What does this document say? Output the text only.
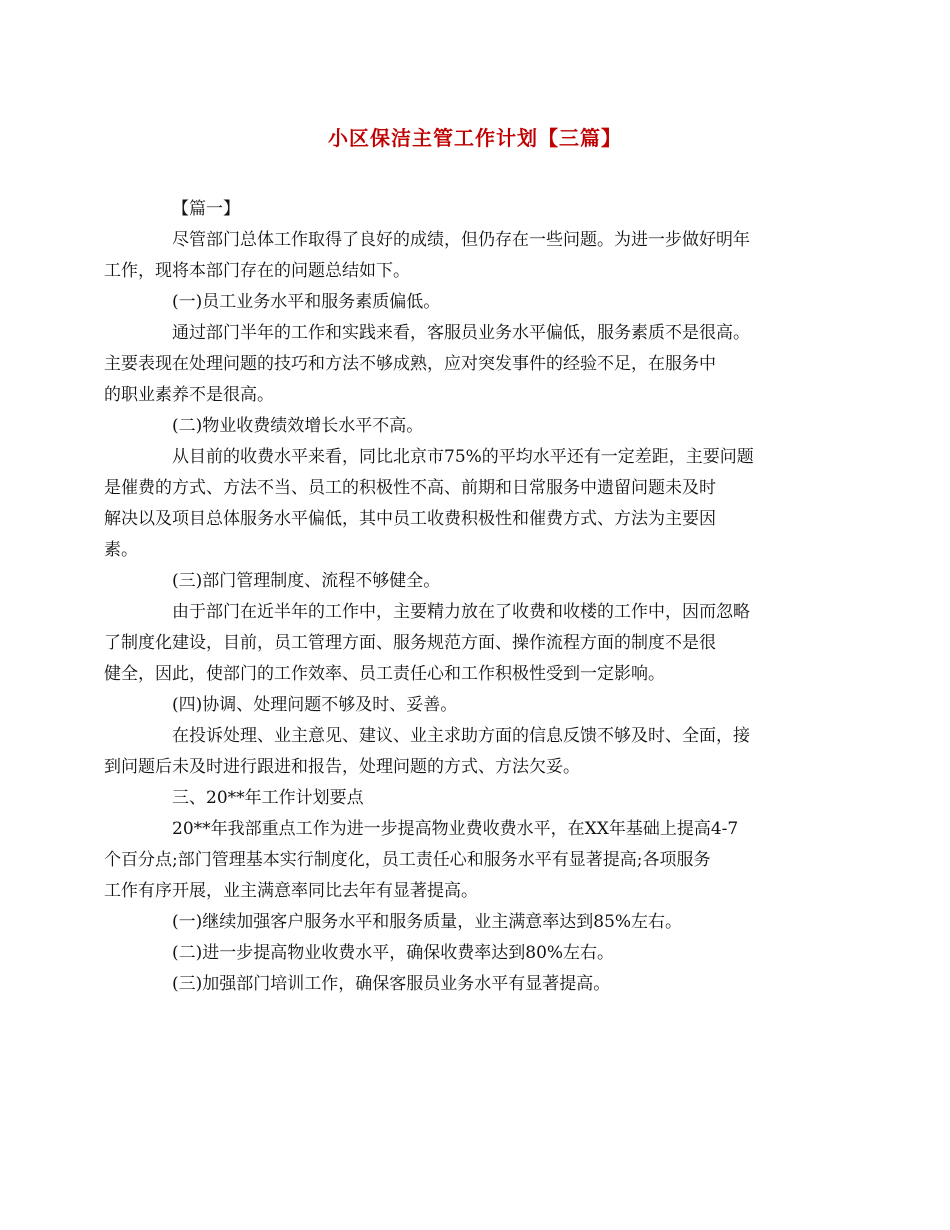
小区保洁主管工作计划【三篇】

【篇一】

尽管部门总体工作取得了良好的成绩，但仍存在一些问题。为进一步做好明年
工作，现将本部门存在的问题总结如下。

(一)员工业务水平和服务素质偏低。

通过部门半年的工作和实践来看，客服员业务水平偏低，服务素质不是很高。
主要表现在处理问题的技巧和方法不够成熟，应对突发事件的经验不足，在服务中
的职业素养不是很高。

(二)物业收费绩效增长水平不高。

从目前的收费水平来看，同比北京市75%的平均水平还有一定差距，主要问题
是催费的方式、方法不当、员工的积极性不高、前期和日常服务中遗留问题未及时
解决以及项目总体服务水平偏低，其中员工收费积极性和催费方式、方法为主要因
素。

(三)部门管理制度、流程不够健全。

由于部门在近半年的工作中，主要精力放在了收费和收楼的工作中，因而忽略
了制度化建设，目前，员工管理方面、服务规范方面、操作流程方面的制度不是很
健全，因此，使部门的工作效率、员工责任心和工作积极性受到一定影响。

(四)协调、处理问题不够及时、妥善。

在投诉处理、业主意见、建议、业主求助方面的信息反馈不够及时、全面，接
到问题后未及时进行跟进和报告，处理问题的方式、方法欠妥。

三、20**年工作计划要点

20**年我部重点工作为进一步提高物业费收费水平，在XX年基础上提高4-7
个百分点;部门管理基本实行制度化，员工责任心和服务水平有显著提高;各项服务
工作有序开展，业主满意率同比去年有显著提高。

(一)继续加强客户服务水平和服务质量，业主满意率达到85%左右。

(二)进一步提高物业收费水平，确保收费率达到80%左右。

(三)加强部门培训工作，确保客服员业务水平有显著提高。
